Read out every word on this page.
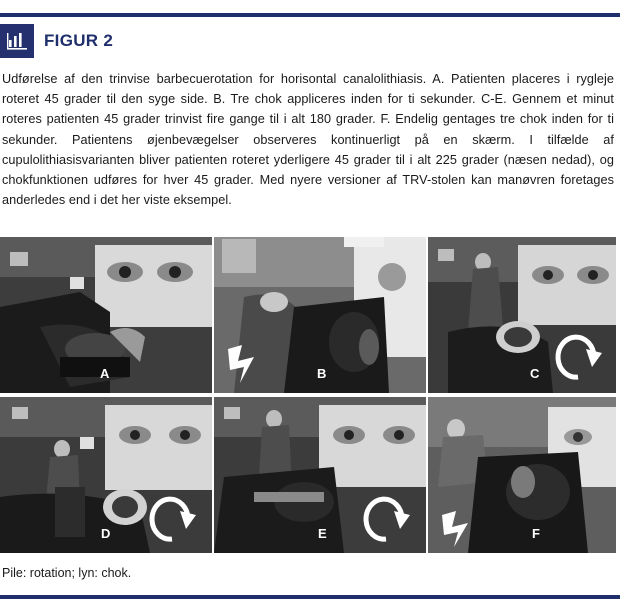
FIGUR 2
Udførelse af den trinvise barbecuerotation for horisontal canalolithiasis. A. Patienten placeres i rygleje roteret 45 grader til den syge side. B. Tre chok appliceres inden for ti sekunder. C-E. Gennem et minut roteres patienten 45 grader trinvist fire gange til i alt 180 grader. F. Endelig gentages tre chok inden for ti sekunder. Patientens øjenbevægelser observeres kontinuerligt på en skærm. I tilfælde af cupulolithiasisvarianten bliver patienten roteret yderligere 45 grader til i alt 225 grader (næsen nedad), og chokfunktionen udføres for hver 45 grader. Med nyere versioner af TRV-stolen kan manøvren foretages anderledes end i det her viste eksempel.
A	B	C
D	E	F
Pile: rotation; lyn: chok.
